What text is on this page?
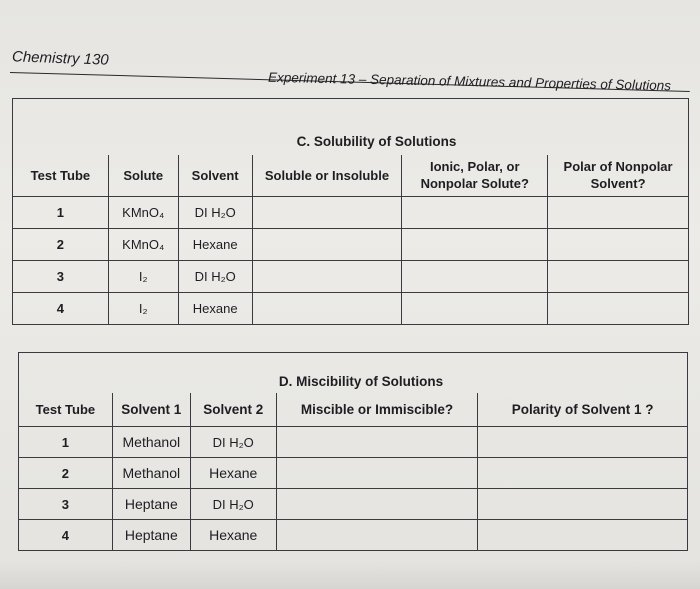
Chemistry 130
Experiment 13 – Separation of Mixtures and Properties of Solutions

C. Solubility of Solutions					
Test Tube	Solute	Solvent	Soluble or Insoluble	Ionic, Polar, or Nonpolar Solute?	Polar of Nonpolar Solvent?
1	KMnO₄	DI H₂O			
2	KMnO₄	Hexane			
3	I₂	DI H₂O			
4	I₂	Hexane			

D. Miscibility of Solutions				
Test Tube	Solvent 1	Solvent 2	Miscible or Immiscible?	Polarity of Solvent 1 ?
1	Methanol	DI H₂O		
2	Methanol	Hexane		
3	Heptane	DI H₂O		
4	Heptane	Hexane		
